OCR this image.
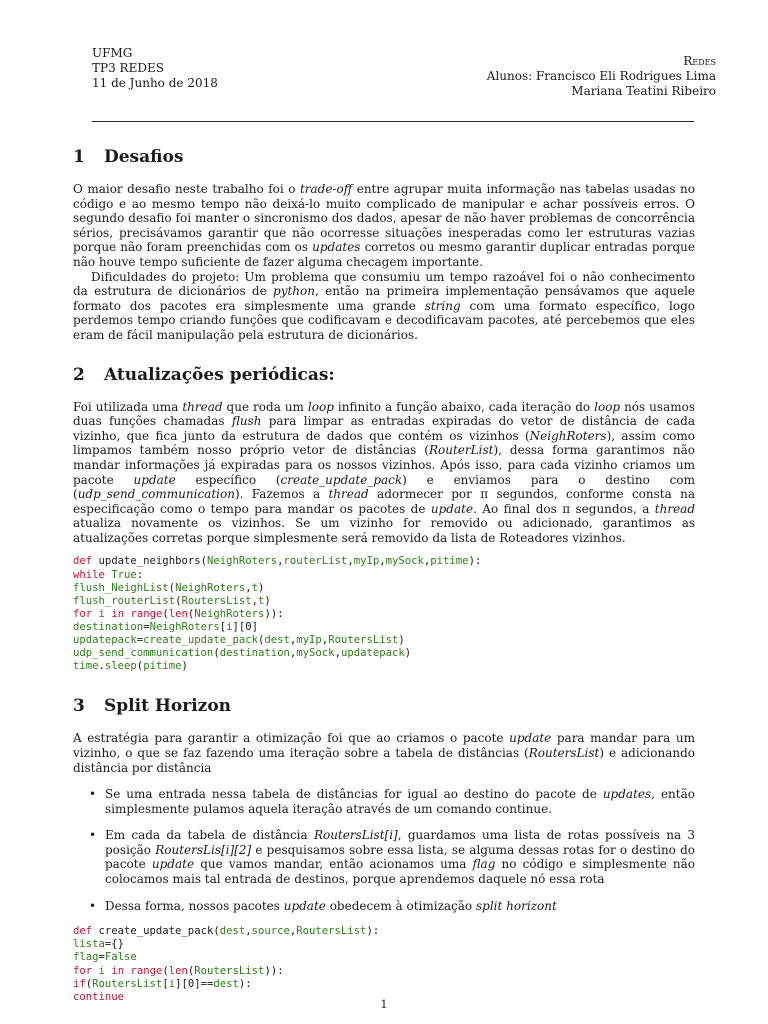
UFMG
TP3 REDES
11 de Junho de 2018
Redes
Alunos: Francisco Eli Rodrigues Lima
Mariana Teatini Ribeiro
1 Desafios

O maior desafio neste trabalho foi o trade-off entre agrupar muita informação nas tabelas usadas no código e ao mesmo tempo não deixá-lo muito complicado de manipular e achar possíveis erros. O segundo desafio foi manter o sincronismo dos dados, apesar de não haver problemas de concorrência sérios, precisávamos garantir que não ocorresse situações inesperadas como ler estruturas vazias porque não foram preenchidas com os updates corretos ou mesmo garantir duplicar entradas porque não houve tempo suficiente de fazer alguma checagem importante.

Dificuldades do projeto: Um problema que consumiu um tempo razoável foi o não conhecimento da estrutura de dicionários de python, então na primeira implementação pensávamos que aquele formato dos pacotes era simplesmente uma grande string com uma formato específico, logo perdemos tempo criando funções que codificavam e decodificavam pacotes, até percebemos que eles eram de fácil manipulação pela estrutura de dicionários.

2 Atualizações periódicas:

Foi utilizada uma thread que roda um loop infinito a função abaixo, cada iteração do loop nós usamos duas funções chamadas flush para limpar as entradas expiradas do vetor de distância de cada vizinho, que fica junto da estrutura de dados que contém os vizinhos (NeighRoters), assim como limpamos também nosso próprio vetor de distâncias (RouterList), dessa forma garantimos não mandar informações já expiradas para os nossos vizinhos. Após isso, para cada vizinho criamos um pacote update específico (create_update_pack) e enviamos para o destino com (udp_send_communication). Fazemos a thread adormecer por π segundos, conforme consta na especificação como o tempo para mandar os pacotes de update. Ao final dos π segundos, a thread atualiza novamente os vizinhos. Se um vizinho for removido ou adicionado, garantimos as atualizações corretas porque simplesmente será removido da lista de Roteadores vizinhos.

def update_neighbors(NeighRoters,routerList,myIp,mySock,pitime):
while True:
flush_NeighList(NeighRoters,t)
flush_routerList(RoutersList,t)
for i in range(len(NeighRoters)):
destination=NeighRoters[i][0]
updatepack=create_update_pack(dest,myIp,RoutersList)
udp_send_communication(destination,mySock,updatepack)
time.sleep(pitime)
3 Split Horizon

A estratégia para garantir a otimização foi que ao criamos o pacote update para mandar para um vizinho, o que se faz fazendo uma iteração sobre a tabela de distâncias (RoutersList) e adicionando distância por distância

• Se uma entrada nessa tabela de distâncias for igual ao destino do pacote de updates, então simplesmente pulamos aquela iteração através de um comando continue.
• Em cada da tabela de distância RoutersList[i], guardamos uma lista de rotas possíveis na 3 posição RoutersLis[i][2] e pesquisamos sobre essa lista, se alguma dessas rotas for o destino do pacote update que vamos mandar, então acionamos uma flag no código e simplesmente não colocamos mais tal entrada de destinos, porque aprendemos daquele nó essa rota
• Dessa forma, nossos pacotes update obedecem à otimização split horizont
def create_update_pack(dest,source,RoutersList):
lista={}
flag=False
for i in range(len(RoutersList)):
if(RoutersList[i][0]==dest):
continue
1
